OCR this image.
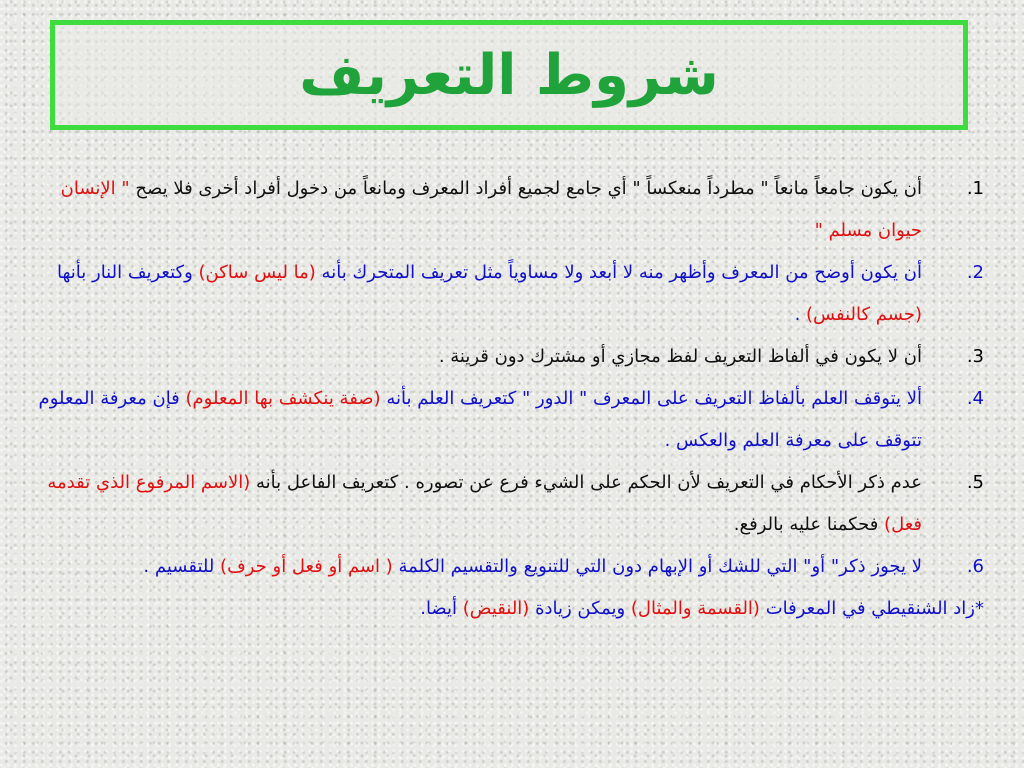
شروط التعريف
1.
أن يكون جامعاً مانعاً " مطرداً منعكساً " أي جامع لجميع أفراد المعرف ومانعاً من دخول أفراد أخرى فلا يصح " الإنسان حيوان مسلم "
2.
أن يكون أوضح من المعرف وأظهر منه لا أبعد ولا مساوياً مثل تعريف المتحرك بأنه (ما ليس ساكن) وكتعريف النار بأنها (جسم كالنفس) .
3.
أن لا يكون في ألفاظ التعريف لفظ مجازي أو مشترك دون قرينة .
4.
ألا يتوقف العلم بألفاظ التعريف على المعرف " الدور " كتعريف العلم بأنه (صفة ينكشف بها المعلوم) فإن معرفة المعلوم تتوقف على معرفة العلم والعكس .
5.
عدم ذكر الأحكام في التعريف لأن الحكم على الشيء فرع عن تصوره . كتعريف الفاعل بأنه (الاسم المرفوع الذي تقدمه فعل) فحكمنا عليه بالرفع.
6.
لا يجوز ذكر" أو" التي للشك أو الإبهام دون التي للتنويع والتقسيم الكلمة ( اسم أو فعل أو حرف) للتقسيم .

*زاد الشنقيطي في المعرفات (القسمة والمثال) ويمكن زيادة (النقيض) أيضا.
